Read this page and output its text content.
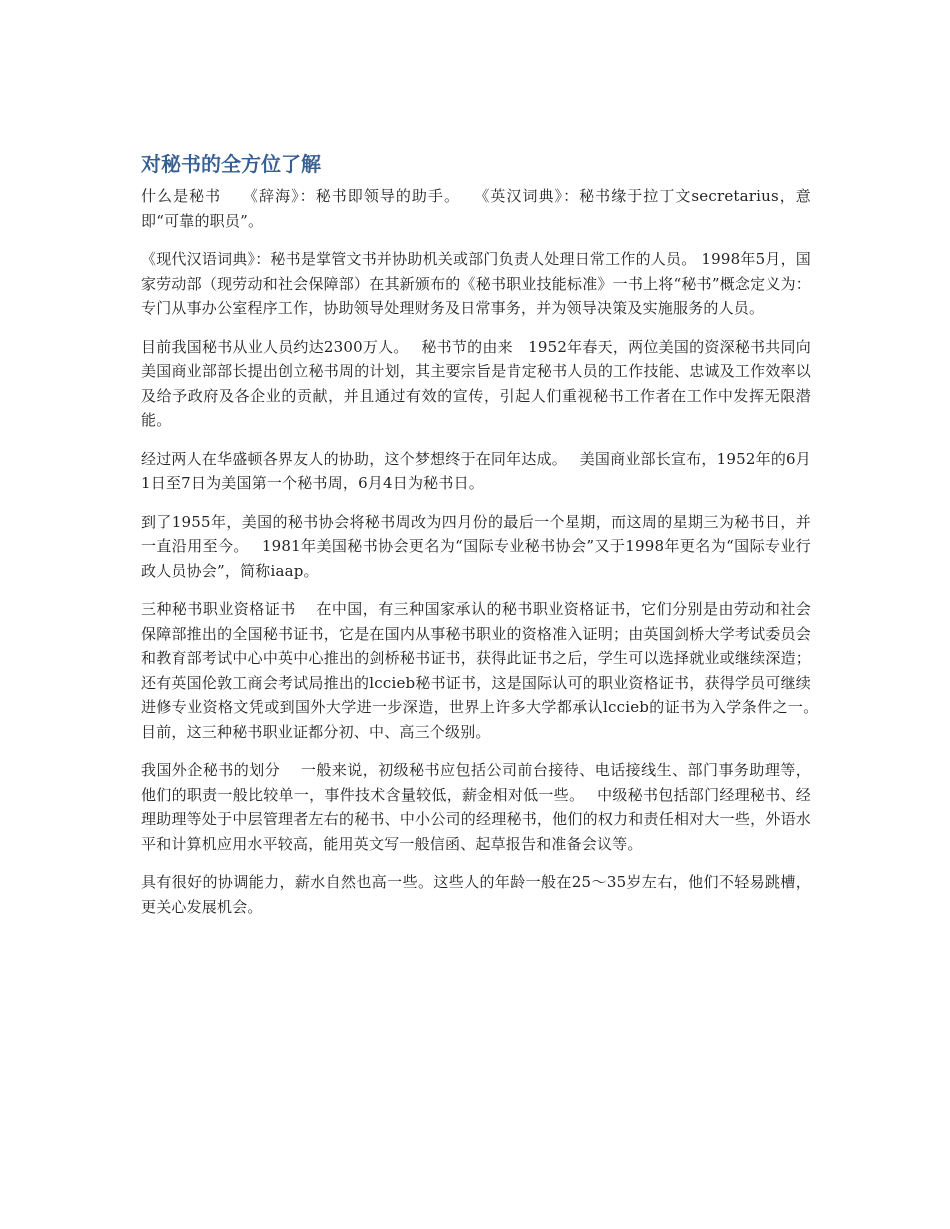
对秘书的全方位了解

什么是秘书　 《辞海》：秘书即领导的助手。　 《英汉词典》：秘书缘于拉丁文secretarius，意即“可靠的职员”。

《现代汉语词典》：秘书是掌管文书并协助机关或部门负责人处理日常工作的人员。 1998年5月，国家劳动部（现劳动和社会保障部）在其新颁布的《秘书职业技能标准》一书上将“秘书”概念定义为：专门从事办公室程序工作，协助领导处理财务及日常事务，并为领导决策及实施服务的人员。

目前我国秘书从业人员约达2300万人。　 秘书节的由来　1952年春天，两位美国的资深秘书共同向美国商业部部长提出创立秘书周的计划，其主要宗旨是肯定秘书人员的工作技能、忠诚及工作效率以及给予政府及各企业的贡献，并且通过有效的宣传，引起人们重视秘书工作者在工作中发挥无限潜能。

经过两人在华盛顿各界友人的协助，这个梦想终于在同年达成。　 美国商业部长宣布，1952年的6月1日至7日为美国第一个秘书周，6月4日为秘书日。

到了1955年，美国的秘书协会将秘书周改为四月份的最后一个星期，而这周的星期三为秘书日，并一直沿用至今。　 1981年美国秘书协会更名为“国际专业秘书协会”又于1998年更名为“国际专业行政人员协会”，简称iaap。

三种秘书职业资格证书　 在中国，有三种国家承认的秘书职业资格证书，它们分别是由劳动和社会保障部推出的全国秘书证书，它是在国内从事秘书职业的资格准入证明；由英国剑桥大学考试委员会和教育部考试中心中英中心推出的剑桥秘书证书，获得此证书之后，学生可以选择就业或继续深造；还有英国伦敦工商会考试局推出的lccieb秘书证书，这是国际认可的职业资格证书，获得学员可继续进修专业资格文凭或到国外大学进一步深造，世界上许多大学都承认lccieb的证书为入学条件之一。　 目前，这三种秘书职业证都分初、中、高三个级别。

我国外企秘书的划分　 一般来说，初级秘书应包括公司前台接待、电话接线生、部门事务助理等，他们的职责一般比较单一，事件技术含量较低，薪金相对低一些。　 中级秘书包括部门经理秘书、经理助理等处于中层管理者左右的秘书、中小公司的经理秘书，他们的权力和责任相对大一些，外语水平和计算机应用水平较高，能用英文写一般信函、起草报告和准备会议等。

具有很好的协调能力，薪水自然也高一些。这些人的年龄一般在25～35岁左右，他们不轻易跳槽，更关心发展机会。
